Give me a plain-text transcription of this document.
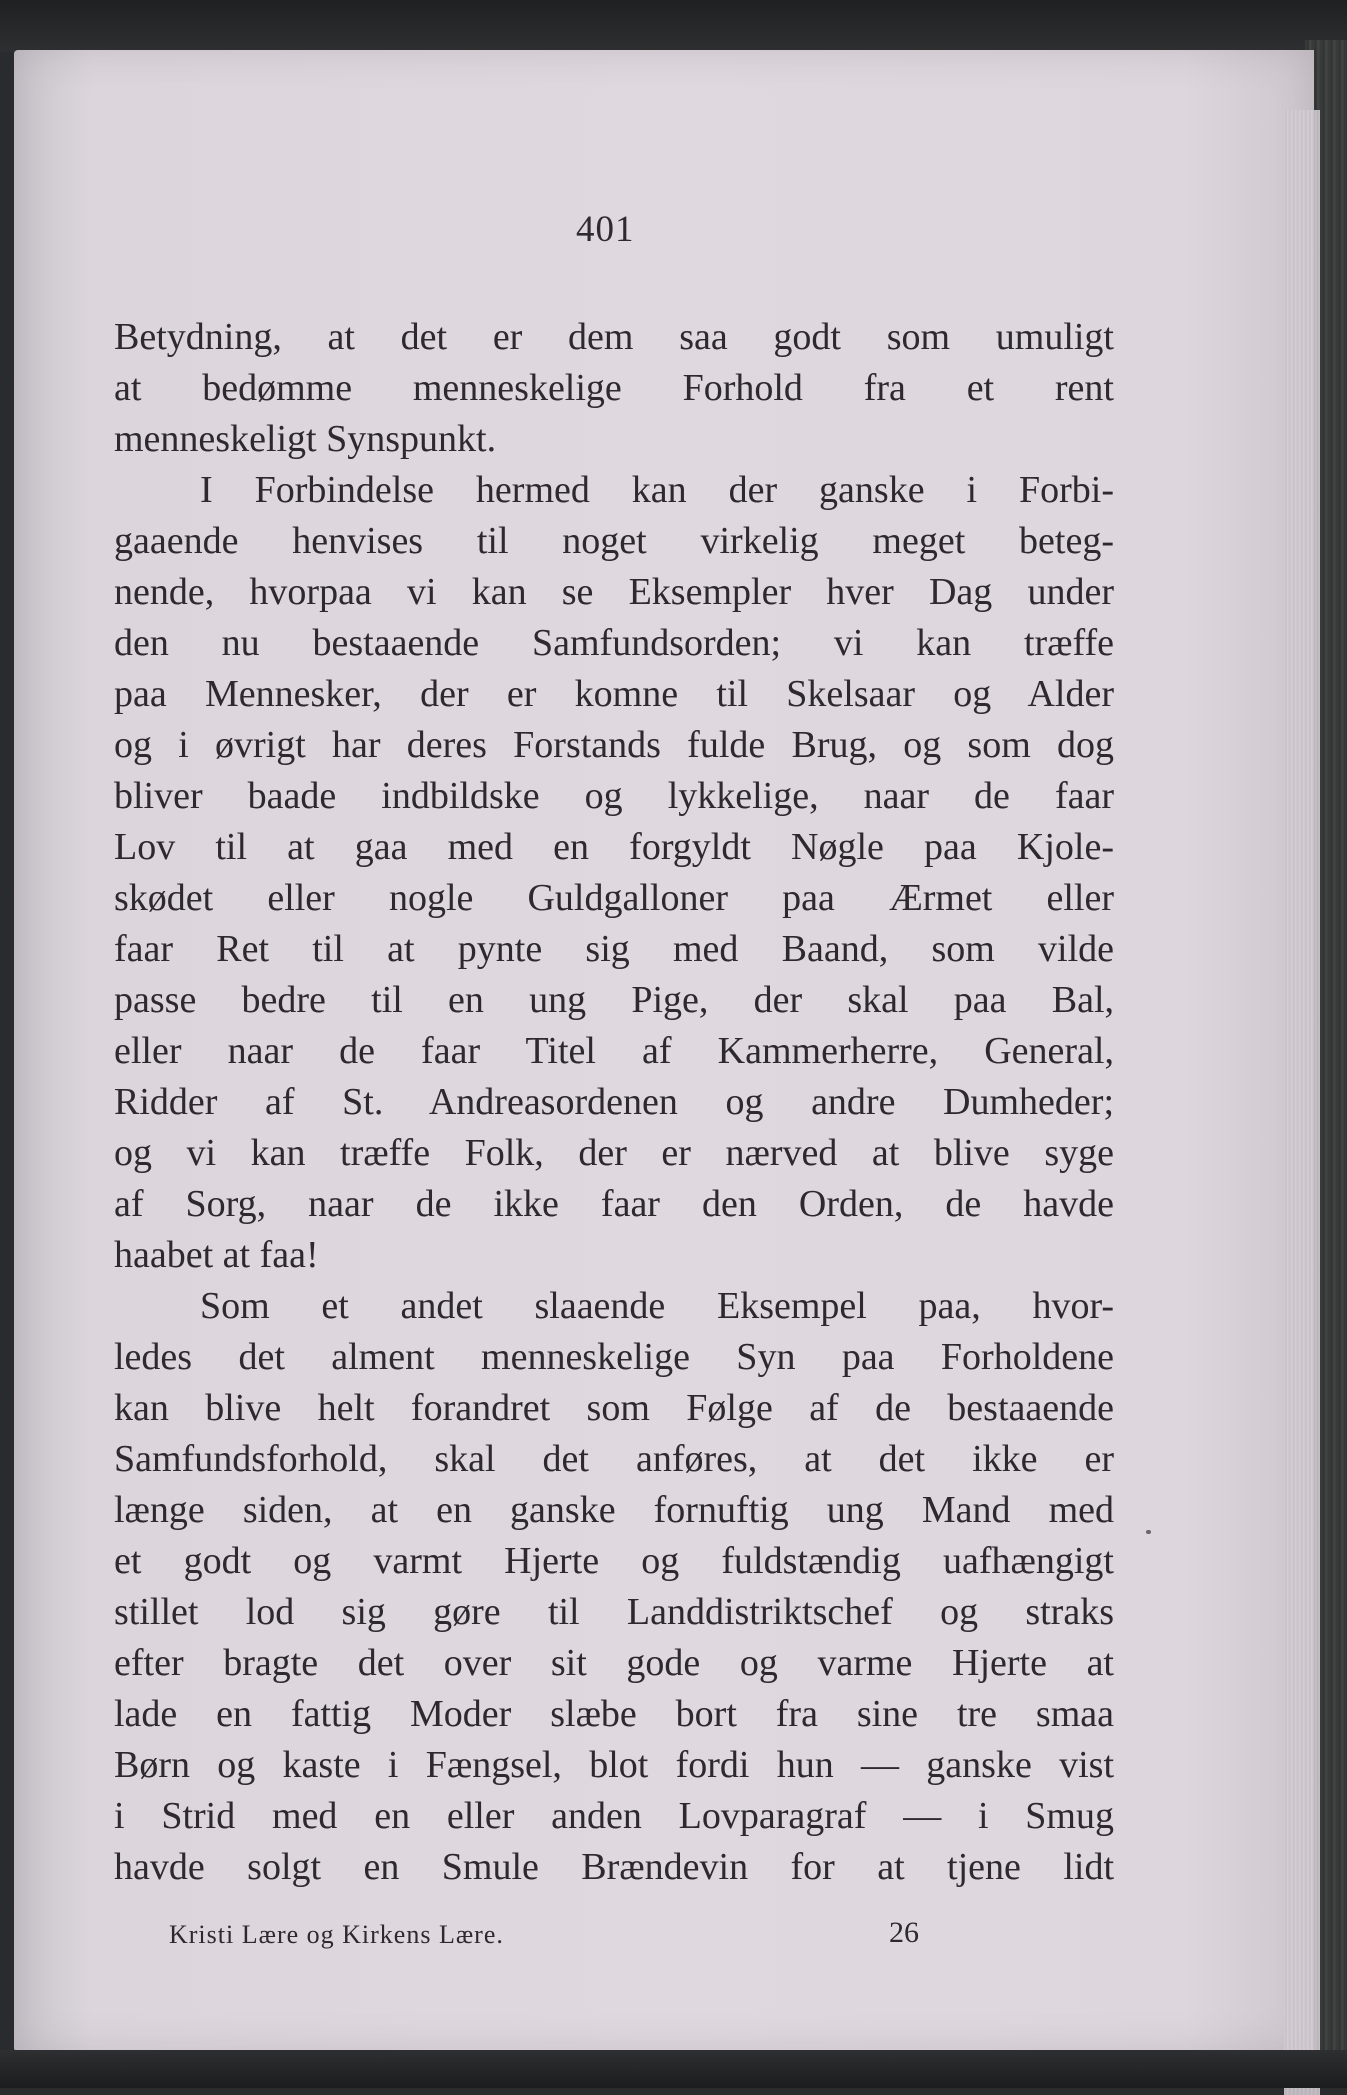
401
Betydning, at det er dem saa godt som umuligt
at bedømme menneskelige Forhold fra et rent
menneskeligt Synspunkt.
I Forbindelse hermed kan der ganske i Forbi-
gaaende henvises til noget virkelig meget beteg-
nende, hvorpaa vi kan se Eksempler hver Dag under
den nu bestaaende Samfundsorden; vi kan træffe
paa Mennesker, der er komne til Skelsaar og Alder
og i øvrigt har deres Forstands fulde Brug, og som dog
bliver baade indbildske og lykkelige, naar de faar
Lov til at gaa med en forgyldt Nøgle paa Kjole-
skødet eller nogle Guldgalloner paa Ærmet eller
faar Ret til at pynte sig med Baand, som vilde
passe bedre til en ung Pige, der skal paa Bal,
eller naar de faar Titel af Kammerherre, General,
Ridder af St. Andreasordenen og andre Dumheder;
og vi kan træffe Folk, der er nærved at blive syge
af Sorg, naar de ikke faar den Orden, de havde
haabet at faa!
Som et andet slaaende Eksempel paa, hvor-
ledes det alment menneskelige Syn paa Forholdene
kan blive helt forandret som Følge af de bestaaende
Samfundsforhold, skal det anføres, at det ikke er
længe siden, at en ganske fornuftig ung Mand med
et godt og varmt Hjerte og fuldstændig uafhængigt
stillet lod sig gøre til Landdistriktschef og straks
efter bragte det over sit gode og varme Hjerte at
lade en fattig Moder slæbe bort fra sine tre smaa
Børn og kaste i Fængsel, blot fordi hun — ganske vist
i Strid med en eller anden Lovparagraf — i Smug
havde solgt en Smule Brændevin for at tjene lidt
Kristi Lære og Kirkens Lære.	26
